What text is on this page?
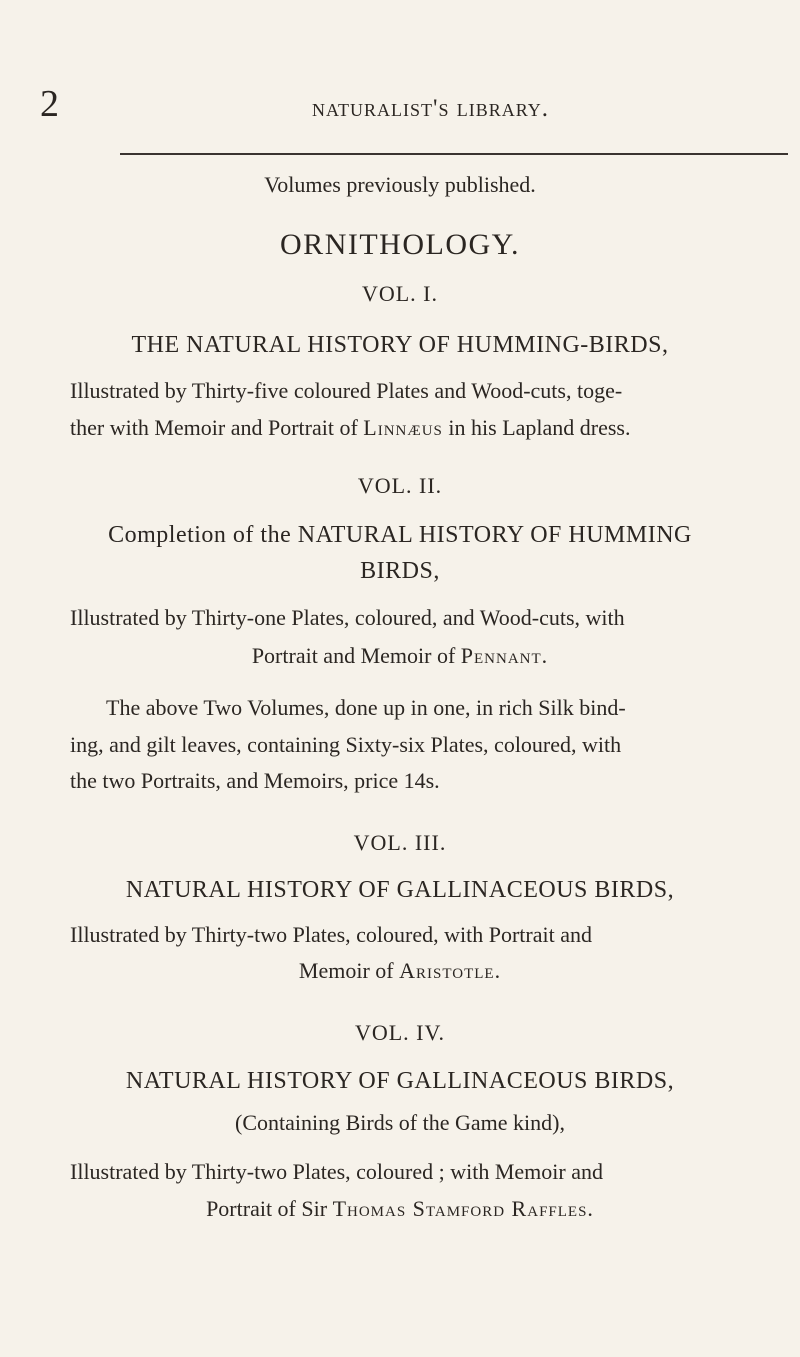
2	naturalist's library.
Volumes previously published.
ORNITHOLOGY.
VOL. I.
THE NATURAL HISTORY OF HUMMING-BIRDS,
Illustrated by Thirty-five coloured Plates and Wood-cuts, toge-
ther with Memoir and Portrait of Linnæus in his Lapland dress.
VOL. II.
Completion of the NATURAL HISTORY OF HUMMING
BIRDS,
Illustrated by Thirty-one Plates, coloured, and Wood-cuts, with
Portrait and Memoir of Pennant.
The above Two Volumes, done up in one, in rich Silk bind-
ing, and gilt leaves, containing Sixty-six Plates, coloured, with
the two Portraits, and Memoirs, price 14s.
VOL. III.
NATURAL HISTORY OF GALLINACEOUS BIRDS,
Illustrated by Thirty-two Plates, coloured, with Portrait and
Memoir of Aristotle.
VOL. IV.
NATURAL HISTORY OF GALLINACEOUS BIRDS,
(Containing Birds of the Game kind),
Illustrated by Thirty-two Plates, coloured ; with Memoir and
Portrait of Sir Thomas Stamford Raffles.
